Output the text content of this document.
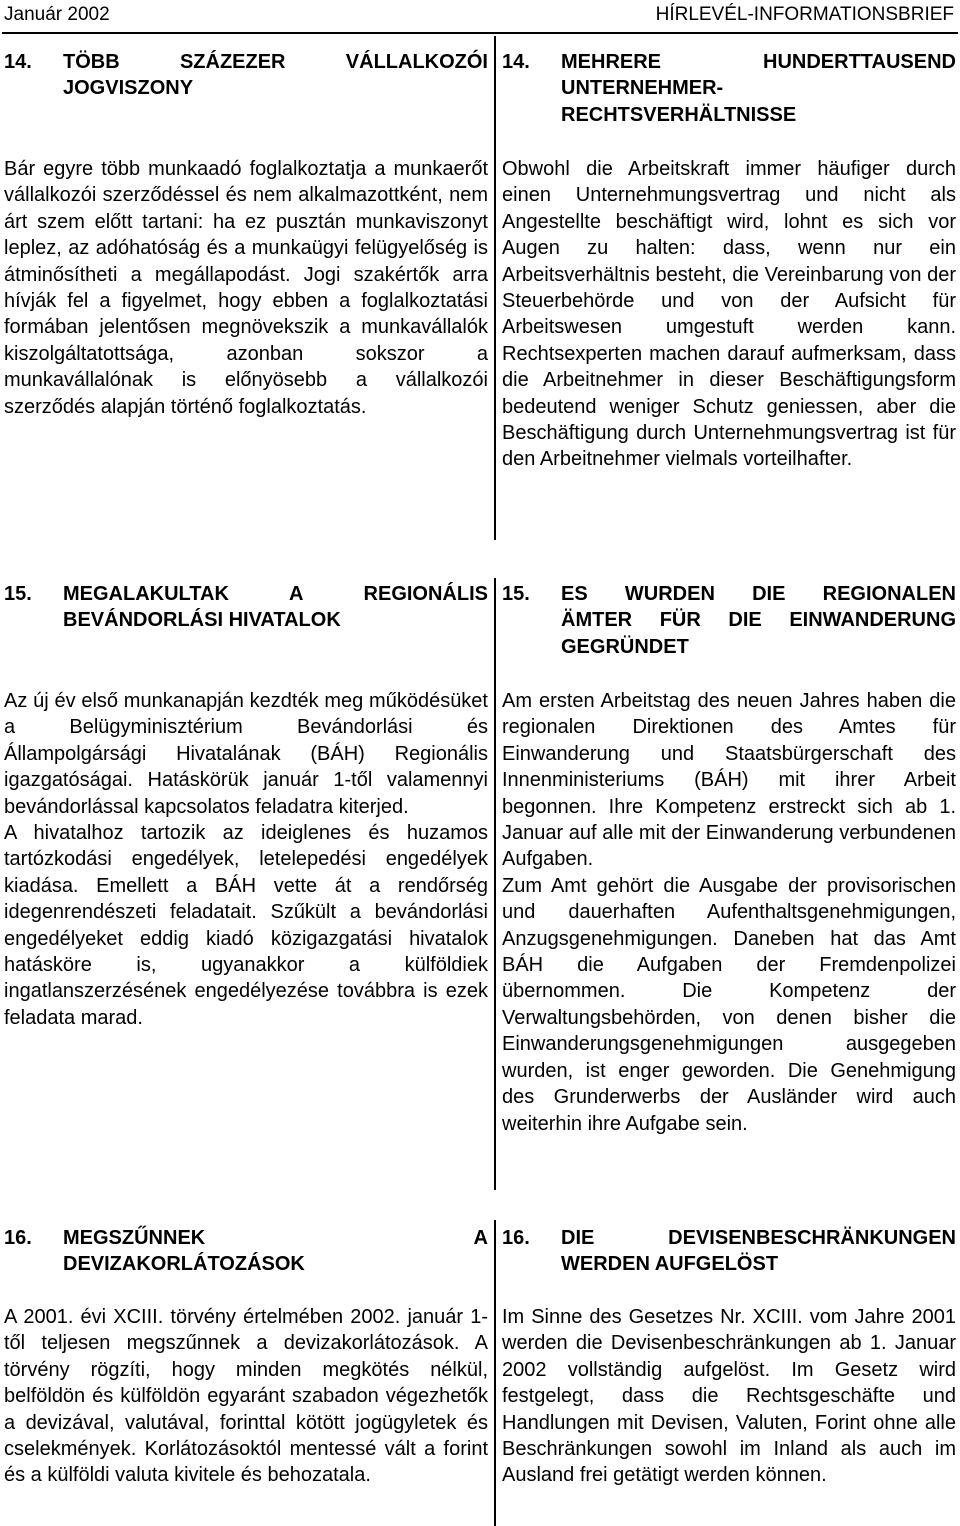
Január 2002	HÍRLEVÉL-INFORMATIONSBRIEF
14. TÖBB SZÁZEZER VÁLLALKOZÓI
JOGVISZONY

Bár egyre több munkaadó foglalkoztatja a munkaerőt vállalkozói szerződéssel és nem alkalmazottként, nem árt szem előtt tartani: ha ez pusztán munkaviszonyt leplez, az adóhatóság és a munkaügyi felügyelőség is átminősítheti a megállapodást. Jogi szakértők arra hívják fel a figyelmet, hogy ebben a foglalkoztatási formában jelentősen megnövekszik a munkavállalók kiszolgáltatottsága, azonban sokszor a munkavállalónak is előnyösebb a vállalkozói szerződés alapján történő foglalkoztatás.

14. MEHRERE HUNDERTTAUSEND
UNTERNEHMER-
RECHTSVERHÄLTNISSE

Obwohl die Arbeitskraft immer häufiger durch einen Unternehmungsvertrag und nicht als Angestellte beschäftigt wird, lohnt es sich vor Augen zu halten: dass, wenn nur ein Arbeitsverhältnis besteht, die Vereinbarung von der Steuerbehörde und von der Aufsicht für Arbeitswesen umgestuft werden kann. Rechtsexperten machen darauf aufmerksam, dass die Arbeitnehmer in dieser Beschäftigungsform bedeutend weniger Schutz geniessen, aber die Beschäftigung durch Unternehmungsvertrag ist für den Arbeitnehmer vielmals vorteilhafter.

15. MEGALAKULTAK A REGIONÁLIS
BEVÁNDORLÁSI HIVATALOK

Az új év első munkanapján kezdték meg működésüket a Belügyminisztérium Bevándorlási és Állampolgársági Hivatalának (BÁH) Regionális igazgatóságai. Hatáskörük január 1-től valamennyi bevándorlással kapcsolatos feladatra kiterjed.

A hivatalhoz tartozik az ideiglenes és huzamos tartózkodási engedélyek, letelepedési engedélyek kiadása. Emellett a BÁH vette át a rendőrség idegenrendészeti feladatait. Szűkült a bevándorlási engedélyeket eddig kiadó közigazgatási hivatalok hatásköre is, ugyanakkor a külföldiek ingatlanszerzésének engedélyezése továbbra is ezek feladata marad.

15. ES WURDEN DIE REGIONALEN
ÄMTER FÜR DIE EINWANDERUNG
GEGRÜNDET

Am ersten Arbeitstag des neuen Jahres haben die regionalen Direktionen des Amtes für Einwanderung und Staatsbürgerschaft des Innenministeriums (BÁH) mit ihrer Arbeit begonnen. Ihre Kompetenz erstreckt sich ab 1. Januar auf alle mit der Einwanderung verbundenen Aufgaben.

Zum Amt gehört die Ausgabe der provisorischen und dauerhaften Aufenthaltsgenehmigungen, Anzugsgenehmigungen. Daneben hat das Amt BÁH die Aufgaben der Fremdenpolizei übernommen. Die Kompetenz der Verwaltungsbehörden, von denen bisher die Einwanderungsgenehmigungen ausgegeben wurden, ist enger geworden. Die Genehmigung des Grunderwerbs der Ausländer wird auch weiterhin ihre Aufgabe sein.

16. MEGSZŰNNEK A
DEVIZAKORLÁTOZÁSOK

A 2001. évi XCIII. törvény értelmében 2002. január 1-től teljesen megszűnnek a devizakorlátozások. A törvény rögzíti, hogy minden megkötés nélkül, belföldön és külföldön egyaránt szabadon végezhetők a devizával, valutával, forinttal kötött jogügyletek és cselekmények. Korlátozásoktól mentessé vált a forint és a külföldi valuta kivitele és behozatala.

16. DIE DEVISENBESCHRÄNKUNGEN
WERDEN AUFGELÖST

Im Sinne des Gesetzes Nr. XCIII. vom Jahre 2001 werden die Devisenbeschränkungen ab 1. Januar 2002 vollständig aufgelöst. Im Gesetz wird festgelegt, dass die Rechtsgeschäfte und Handlungen mit Devisen, Valuten, Forint ohne alle Beschränkungen sowohl im Inland als auch im Ausland frei getätigt werden können.
